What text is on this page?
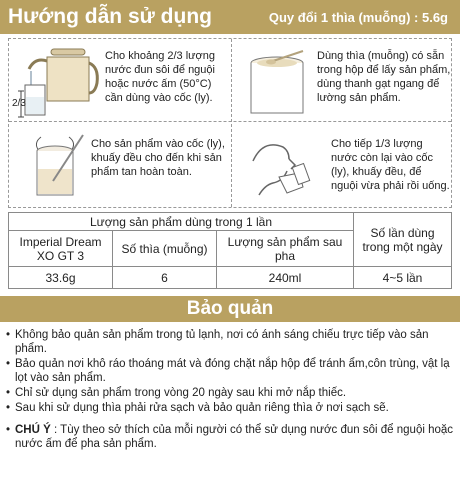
Hướng dẫn sử dụng	Quy đổi 1 thìa (muỗng) : 5.6g
2/3
Cho khoảng 2/3 lượng nước đun sôi để nguội hoặc nước ấm (50°C) cần dùng vào cốc (ly).
Dùng thìa (muỗng) có sẵn trong hộp để lấy sản phẩm, dùng thanh gạt ngang để lường sản phẩm.
Cho sản phẩm vào cốc (ly), khuấy đều cho đến khi sản phẩm tan hoàn toàn.
Cho tiếp 1/3 lượng nước còn lại vào cốc (ly), khuấy đều, để nguội vừa phải rồi uống.
Lượng sản phẩm dùng trong 1 lần			Số lần dùng trong một ngày
Imperial Dream XO GT 3	Số thìa (muỗng)	Lượng sản phẩm sau pha	
33.6g	6	240ml	4~5 lần
Bảo quản
• Không bảo quản sản phẩm trong tủ lạnh, nơi có ánh sáng chiếu trực tiếp vào sản phẩm.
• Bảo quản nơi khô ráo thoáng mát và đóng chặt nắp hộp để tránh ẩm,côn trùng, vật lạ lọt vào sản phẩm.
• Chỉ sử dụng sản phẩm trong vòng 20 ngày sau khi mở nắp thiếc.
• Sau khi sử dụng thìa phải rửa sạch và bảo quản riêng thìa ở nơi sạch sẽ.
• CHÚ Ý : Tùy theo sở thích của mỗi người có thể sử dụng nước đun sôi để nguội hoặc nước ấm để pha sản phẩm.
